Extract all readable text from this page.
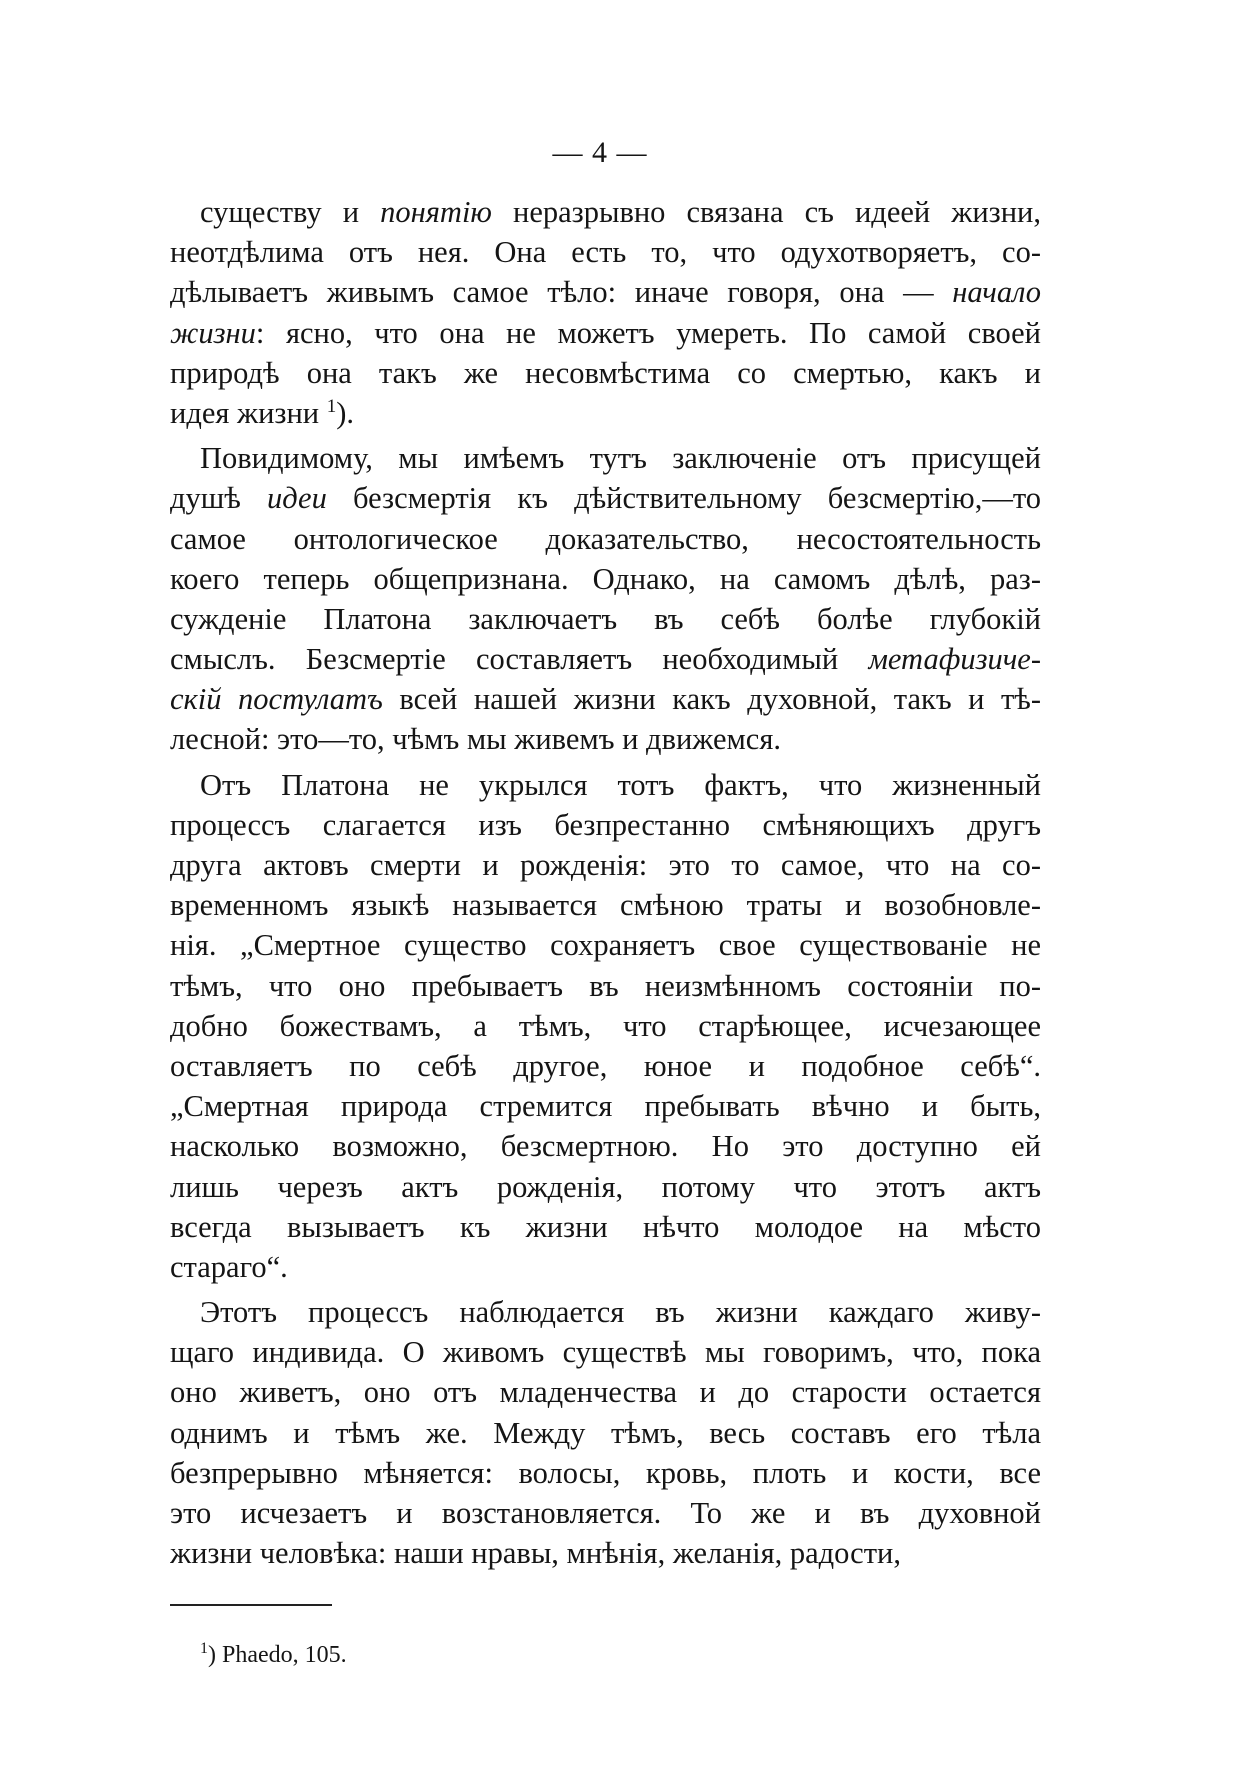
— 4 —
существу и понятію неразрывно связана съ идеей жизни,
неотдѣлима отъ нея. Она есть то, что одухотворяетъ, со-
дѣлываетъ живымъ самое тѣло: иначе говоря, она — начало
жизни: ясно, что она не можетъ умереть. По самой своей
природѣ она такъ же несовмѣстима со смертью, какъ и
идея жизни $^1$).
Повидимому, мы имѣемъ тутъ заключеніе отъ присущей
душѣ идеи безсмертія къ дѣйствительному безсмертію,—то
самое онтологическое доказательство, несостоятельность
коего теперь общепризнана. Однако, на самомъ дѣлѣ, раз-
сужденіе Платона заключаетъ въ себѣ болѣе глубокій
смыслъ. Безсмертіе составляетъ необходимый метафизиче-
скій постулатъ всей нашей жизни какъ духовной, такъ и тѣ-
лесной: это—то, чѣмъ мы живемъ и движемся.
Отъ Платона не укрылся тотъ фактъ, что жизненный
процессъ слагается изъ безпрестанно смѣняющихъ другъ
друга актовъ смерти и рожденія: это то самое, что на со-
временномъ языкѣ называется смѣною траты и возобновле-
нія. „Смертное существо сохраняетъ свое существованіе не
тѣмъ, что оно пребываетъ въ неизмѣнномъ состояніи по-
добно божествамъ, а тѣмъ, что старѣющее, исчезающее
оставляетъ по себѣ другое, юное и подобное себѣ“.
„Смертная природа стремится пребывать вѣчно и быть,
насколько возможно, безсмертною. Но это доступно ей
лишь черезъ актъ рожденія, потому что этотъ актъ
всегда вызываетъ къ жизни нѣчто молодое на мѣсто
стараго“.
Этотъ процессъ наблюдается въ жизни каждаго живу-
щаго индивида. О живомъ существѣ мы говоримъ, что, пока
оно живетъ, оно отъ младенчества и до старости остается
однимъ и тѣмъ же. Между тѣмъ, весь составъ его тѣла
безпрерывно мѣняется: волосы, кровь, плоть и кости, все
это исчезаетъ и возстановляется. То же и въ духовной
жизни человѣка: наши нравы, мнѣнія, желанія, радости,
$^1$) Phaedo, 105.
